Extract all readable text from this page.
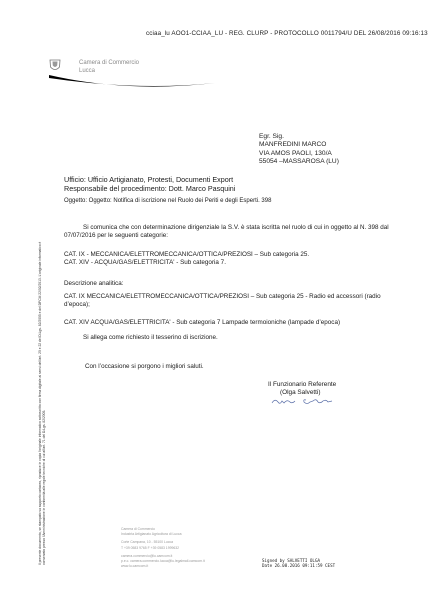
cciaa_lu AOO1-CCIAA_LU - REG. CLURP - PROTOCOLLO 0011794/U DEL 26/08/2016 09:16:13
Camera di Commercio
Lucca
Egr. Sig.
MANFREDINI MARCO
VIA AMOS PAOLI, 130/A
55054 –MASSAROSA (LU)
Ufficio: Ufficio Artigianato, Protesti, Documenti Export
Responsabile del procedimento: Dott. Marco Pasquini
Oggetto: Oggetto: Notifica di iscrizione nel Ruolo dei Periti e degli Esperti. 398

Si comunica che con determinazione dirigenziale la S.V. è stata iscritta nel ruolo di cui in oggetto al N. 398 dal 07/07/2016 per le seguenti categorie:

CAT. IX - MECCANICA/ELETTROMECCANICA/OTTICA/PREZIOSI – Sub categoria 25.

CAT. XIV - ACQUA/GAS/ELETTRICITA' - Sub categoria 7.

Descrizione analitica:

CAT. IX MECCANICA/ELETTROMECCANICA/OTTICA/PREZIOSI – Sub categoria 25 - Radio ed accessori (radio d’epoca);

CAT. XIV ACQUA/GAS/ELETTRICITA' - Sub categoria 7 Lampade termoioniche (lampade d’epoca)

Si allega come richiesto il tesserino di iscrizione.

Con l’occasione si porgono i migliori saluti.
Il Funzionario Referente
(Olga Salvetti)
Il presente documento, se stampato su supporto cartaceo, riproduce in copia l’originale informatico sottoscritto con firma digitale ai sensi dell’art. 20 e 22 del D.Lgs. 82/2005 e del DPCM 22/02/2013. L’originale informatico è conservato presso l’Amministrazione in conformità alle regole tecniche di cui all’art. 71 del D.Lgs. 82/2005.	Camera di Commercio
Industria Artigianato Agricoltura di Lucca
Corte Campana, 10 - 55100 Lucca
T +39 0583 9765 F +39 0583 1999632
camera.commercio@lu.camcom.it
p.e.c. camera.commercio.lucca@lu.legalmail.camcom.it
www.lu.camcom.it
Signed by SALVETTI OLGA
Date 26.08.2016 09:11:59 CEST
